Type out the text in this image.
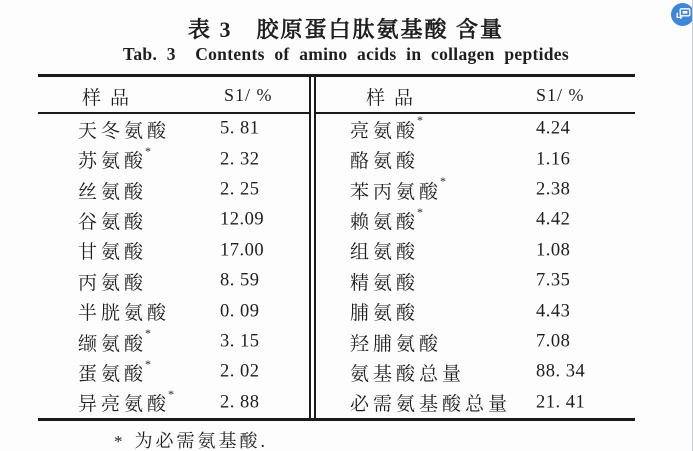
表 3　胶原蛋白肽氨基酸 含量
Tab. 3  Contents of amino acids in collagen peptides
样品	S1/ %
天冬氨酸	5. 81
苏氨酸*	2. 32
丝氨酸	2. 25
谷氨酸	12.09
甘氨酸	17.00
丙氨酸	8. 59
半胱氨酸	0. 09
缬氨酸*	3. 15
蛋氨酸*	2. 02
异亮氨酸* 2. 88
样品	S1/ %
亮氨酸*	4.24
酪氨酸	1.16
苯丙氨酸*	2.38
赖氨酸*	4.42
组氨酸	1.08
精氨酸	7.35
脯氨酸	4.43
羟脯氨酸	7.08
氨基酸总量	88. 34
必需氨基酸总量 21. 41
* 为必需氨基酸.
